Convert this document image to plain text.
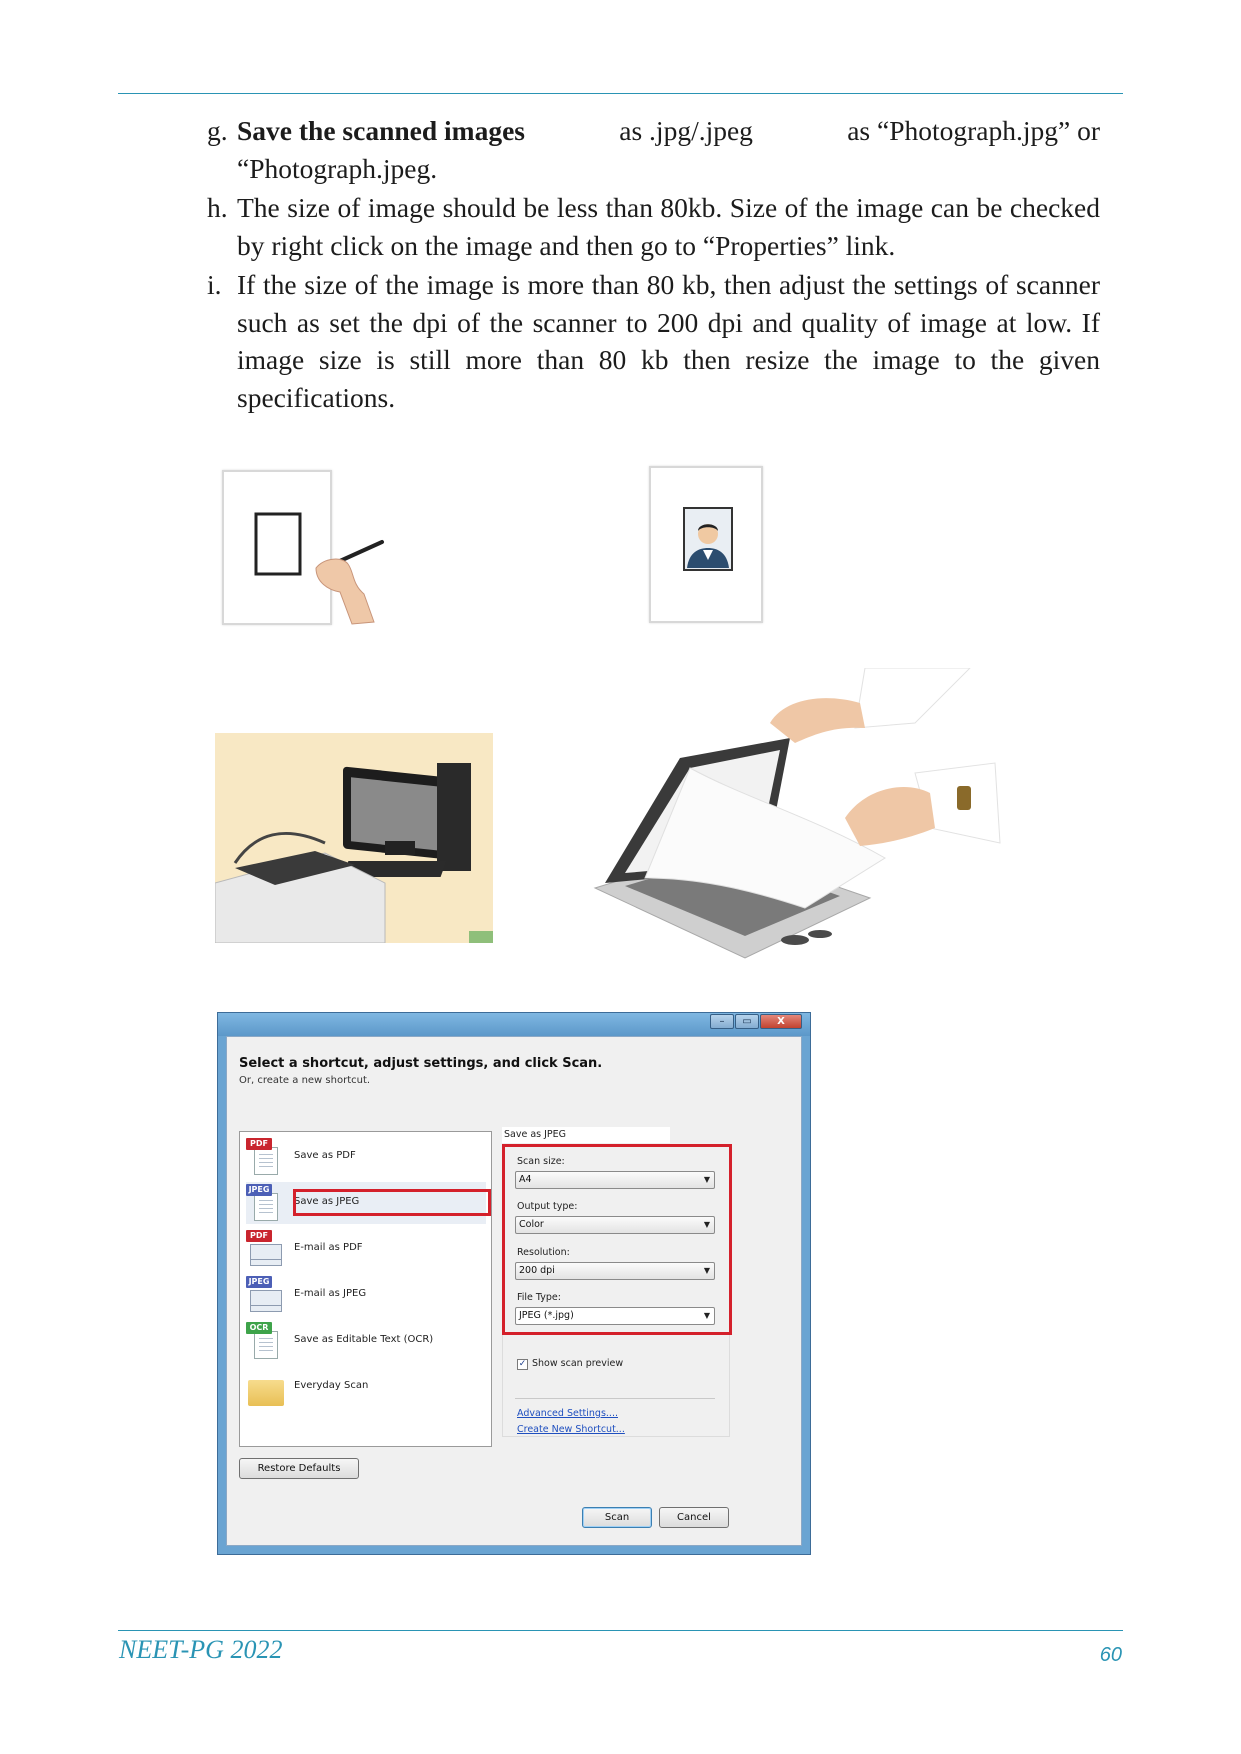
g. Save the scanned images	as .jpg/.jpeg	as “Photograph.jpg” or
“Photograph.jpeg.
h. The size of image should be less than 80kb. Size of the image can be checked by right click on the image and then go to “Properties” link.
i. If the size of the image is more than 80 kb, then adjust the settings of scanner such as set the dpi of the scanner to 200 dpi and quality of image at low. If image size is still more than 80 kb then resize the image to the given specifications.
–	▭	X
Select a shortcut, adjust settings, and click Scan.
Or, create a new shortcut.
PDF
Save as PDF
JPEG
Save as JPEG
PDF
E-mail as PDF
JPEG
E-mail as JPEG
OCR
Save as Editable Text (OCR)
Everyday Scan
Restore Defaults
Save as JPEG
Scan size:
A4	▼
Output type:
Color	▼
Resolution:
200 dpi	▼
File Type:
JPEG (*.jpg)	▼
✓ Show scan preview
Advanced Settings....
Create New Shortcut...
Scan	Cancel
NEET-PG 2022	60
